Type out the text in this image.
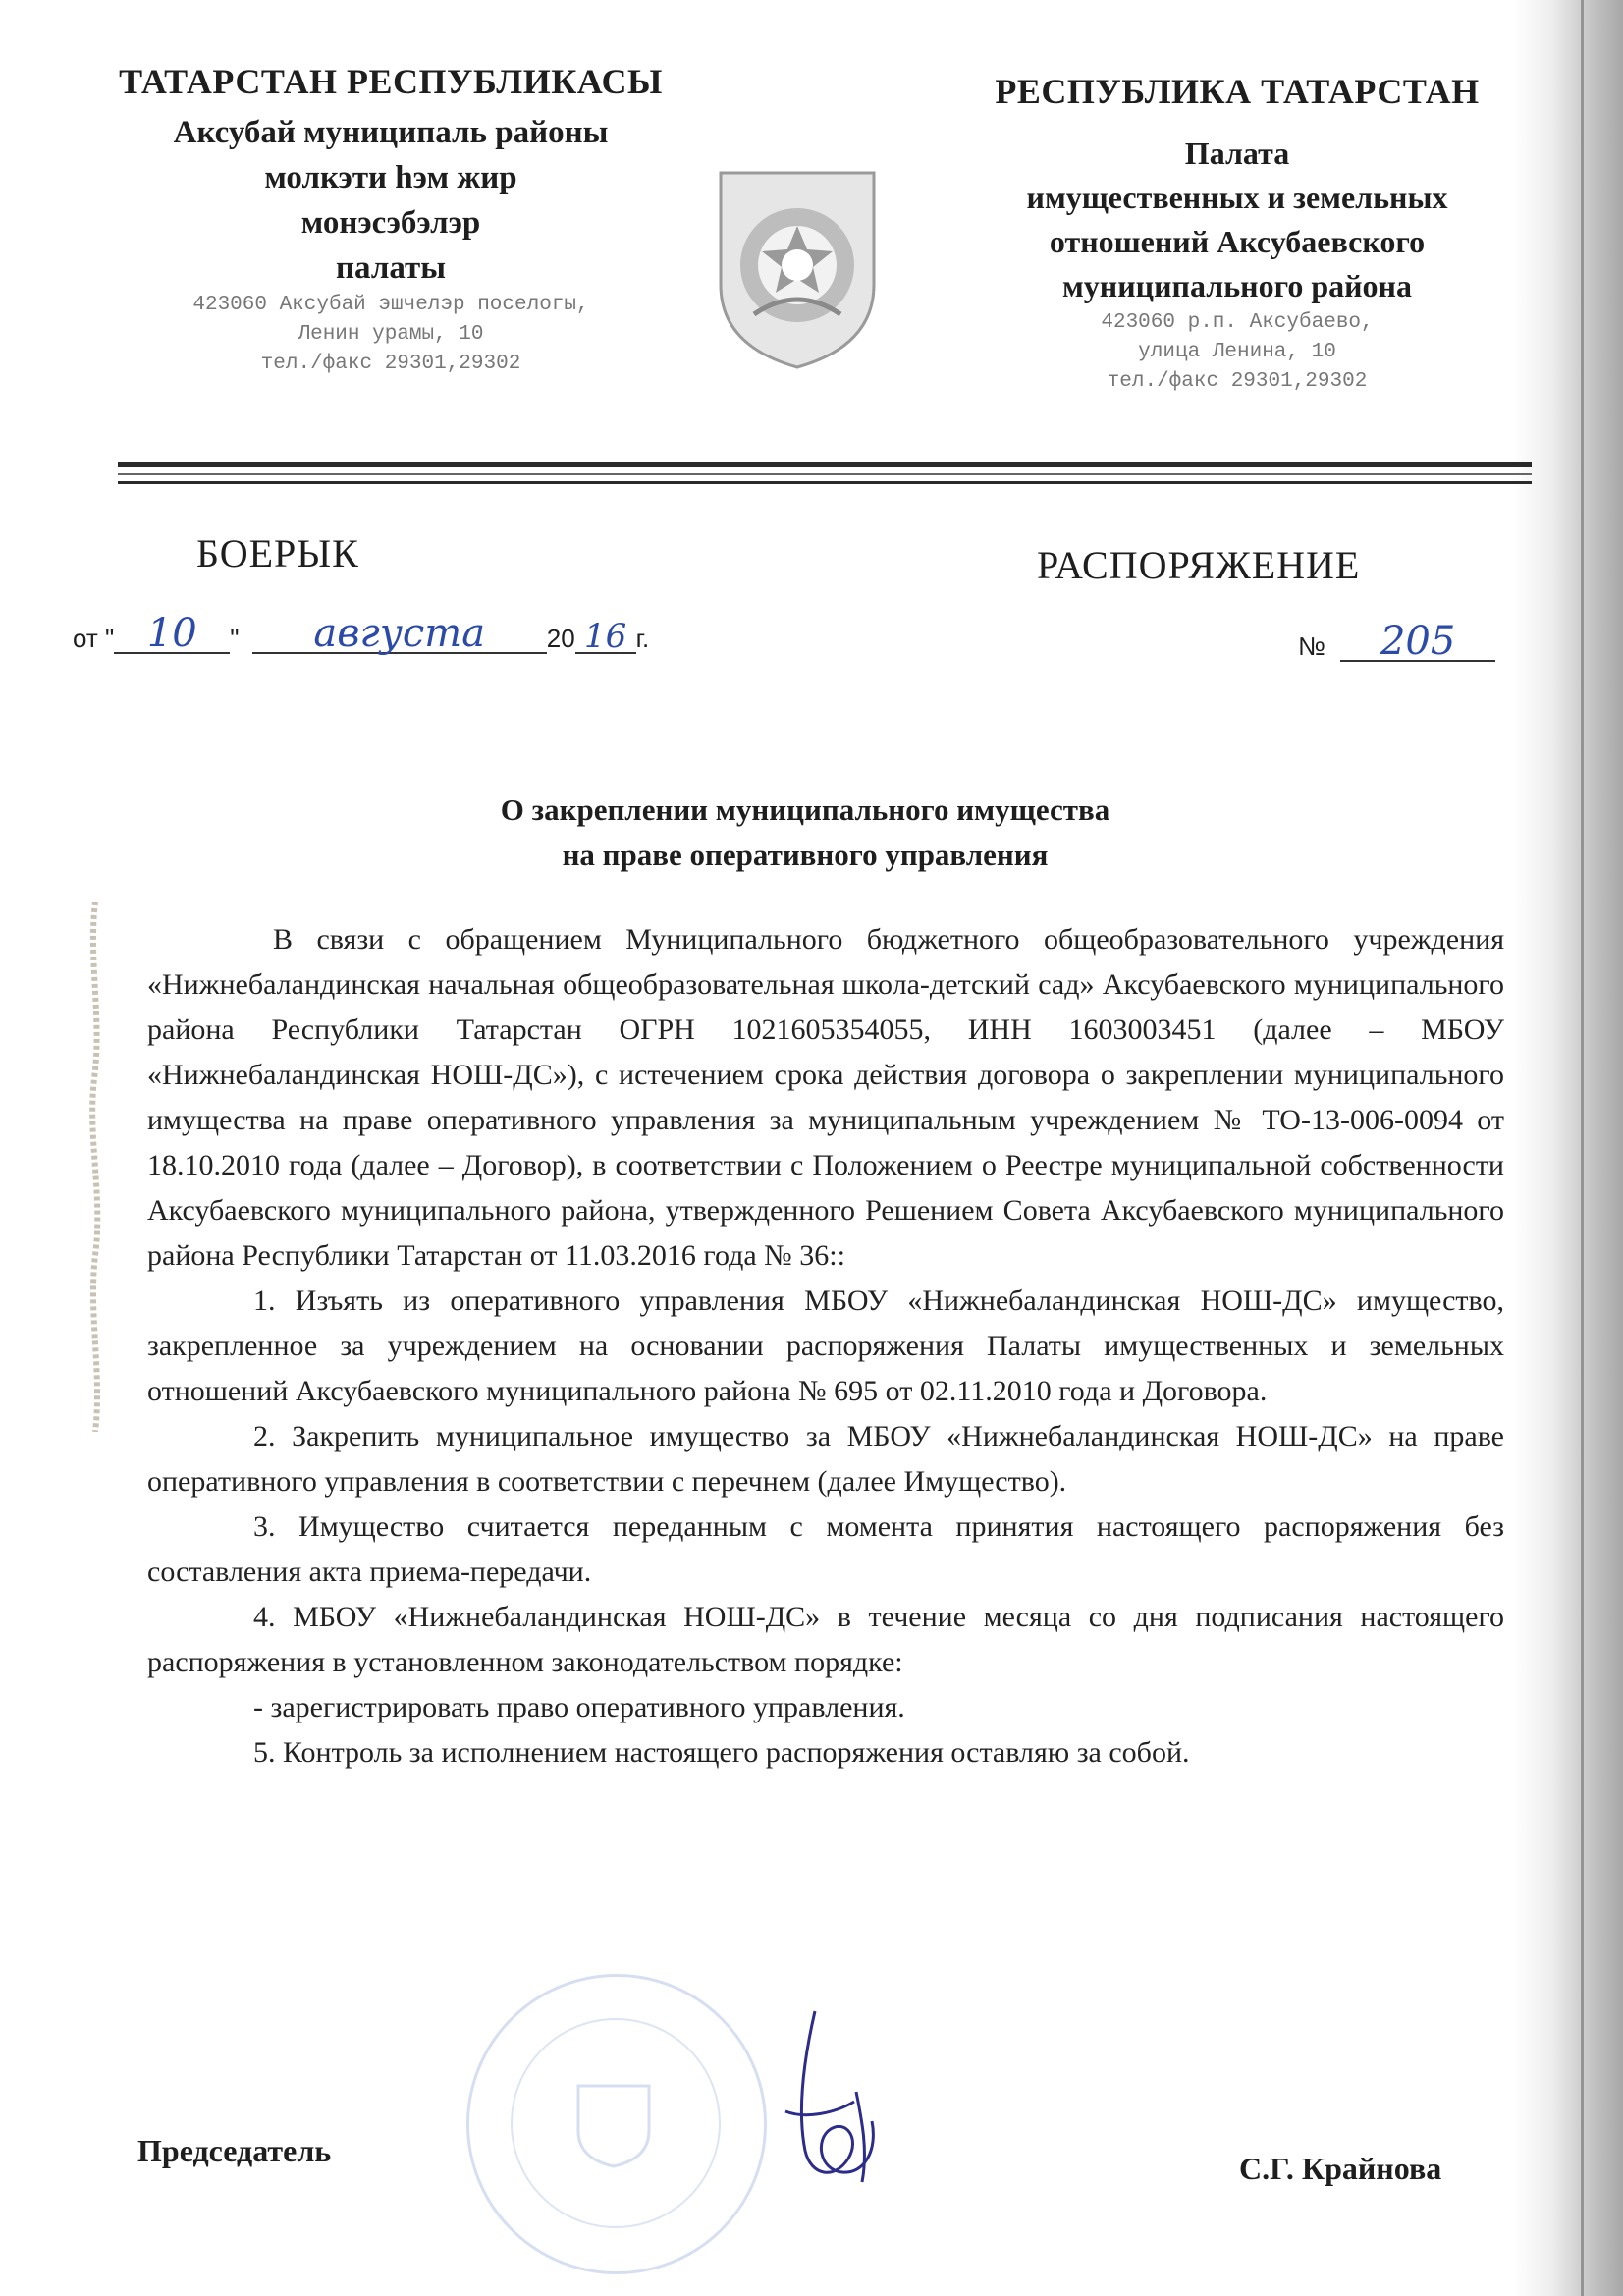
ТАТАРСТАН РЕСПУБЛИКАСЫ
Аксубай муниципаль районы
молкэти hэм жир
монэсэбэлэр
палаты
423060 Аксубай эшчелэр поселогы,
Ленин урамы, 10
тел./факс 29301,29302
РЕСПУБЛИКА ТАТАРСТАН
Палата
имущественных и земельных
отношений Аксубаевского
муниципального района
423060 р.п. Аксубаево,
улица Ленина, 10
тел./факс 29301,29302
БОЕРЫК	РАСПОРЯЖЕНИЕ
от " 10	"	августа	20 16 г.	№	205
О закреплении муниципального имущества
на праве оперативного управления

В связи с обращением Муниципального бюджетного общеобразовательного учреждения «Нижнебаландинская начальная общеобразовательная школа-детский сад» Аксубаевского муниципального района Республики Татарстан ОГРН 1021605354055, ИНН 1603003451 (далее – МБОУ «Нижнебаландинская НОШ-ДС»), с истечением срока действия договора о закреплении муниципального имущества на праве оперативного управления за муниципальным учреждением № ТО-13-006-0094 от 18.10.2010 года (далее – Договор), в соответствии с Положением о Реестре муниципальной собственности Аксубаевского муниципального района, утвержденного Решением Совета Аксубаевского муниципального района Республики Татарстан от 11.03.2016 года № 36::

1. Изъять из оперативного управления МБОУ «Нижнебаландинская НОШ-ДС» имущество, закрепленное за учреждением на основании распоряжения Палаты имущественных и земельных отношений Аксубаевского муниципального района № 695 от 02.11.2010 года и Договора.

2. Закрепить муниципальное имущество за МБОУ «Нижнебаландинская НОШ-ДС» на праве оперативного управления в соответствии с перечнем (далее Имущество).

3. Имущество считается переданным с момента принятия настоящего распоряжения без составления акта приема-передачи.

4. МБОУ «Нижнебаландинская НОШ-ДС» в течение месяца со дня подписания настоящего распоряжения в установленном законодательством порядке:

- зарегистрировать право оперативного управления.

5. Контроль за исполнением настоящего распоряжения оставляю за собой.

Председатель	С.Г. Крайнова
